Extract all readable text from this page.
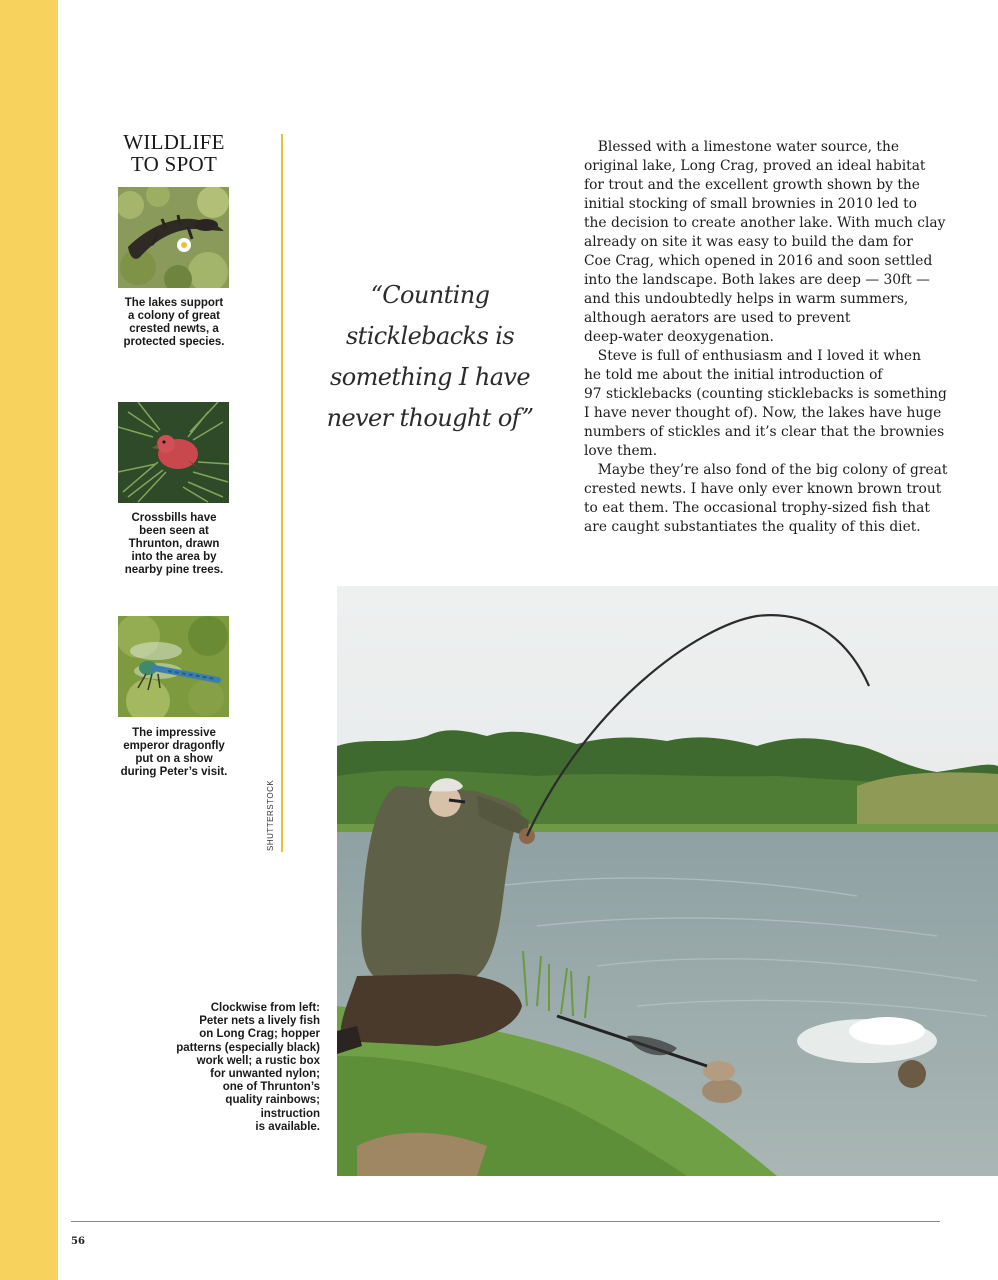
WILDLIFE
TO SPOT
The lakes support
a colony of great
crested newts, a
protected species.
Crossbills have
been seen at
Thrunton, drawn
into the area by
nearby pine trees.
The impressive
emperor dragonfly
put on a show
during Peter’s visit.
SHUTTERSTOCK
“Counting
sticklebacks is
something I have
never thought of”
 Blessed with a limestone water source, the
original lake, Long Crag, proved an ideal habitat
for trout and the excellent growth shown by the
initial stocking of small brownies in 2010 led to
the decision to create another lake. With much clay
already on site it was easy to build the dam for
Coe Crag, which opened in 2016 and soon settled
into the landscape. Both lakes are deep — 30ft —
and this undoubtedly helps in warm summers,
although aerators are used to prevent
deep-water deoxygenation.
 Steve is full of enthusiasm and I loved it when
he told me about the initial introduction of
97 sticklebacks (counting sticklebacks is something
I have never thought of). Now, the lakes have huge
numbers of stickles and it’s clear that the brownies
love them.
 Maybe they’re also fond of the big colony of great
crested newts. I have only ever known brown trout
to eat them. The occasional trophy-sized fish that
are caught substantiates the quality of this diet.
Clockwise from left:
Peter nets a lively fish
on Long Crag; hopper
patterns (especially black)
work well; a rustic box
for unwanted nylon;
one of Thrunton’s
quality rainbows;
instruction
is available.
56
